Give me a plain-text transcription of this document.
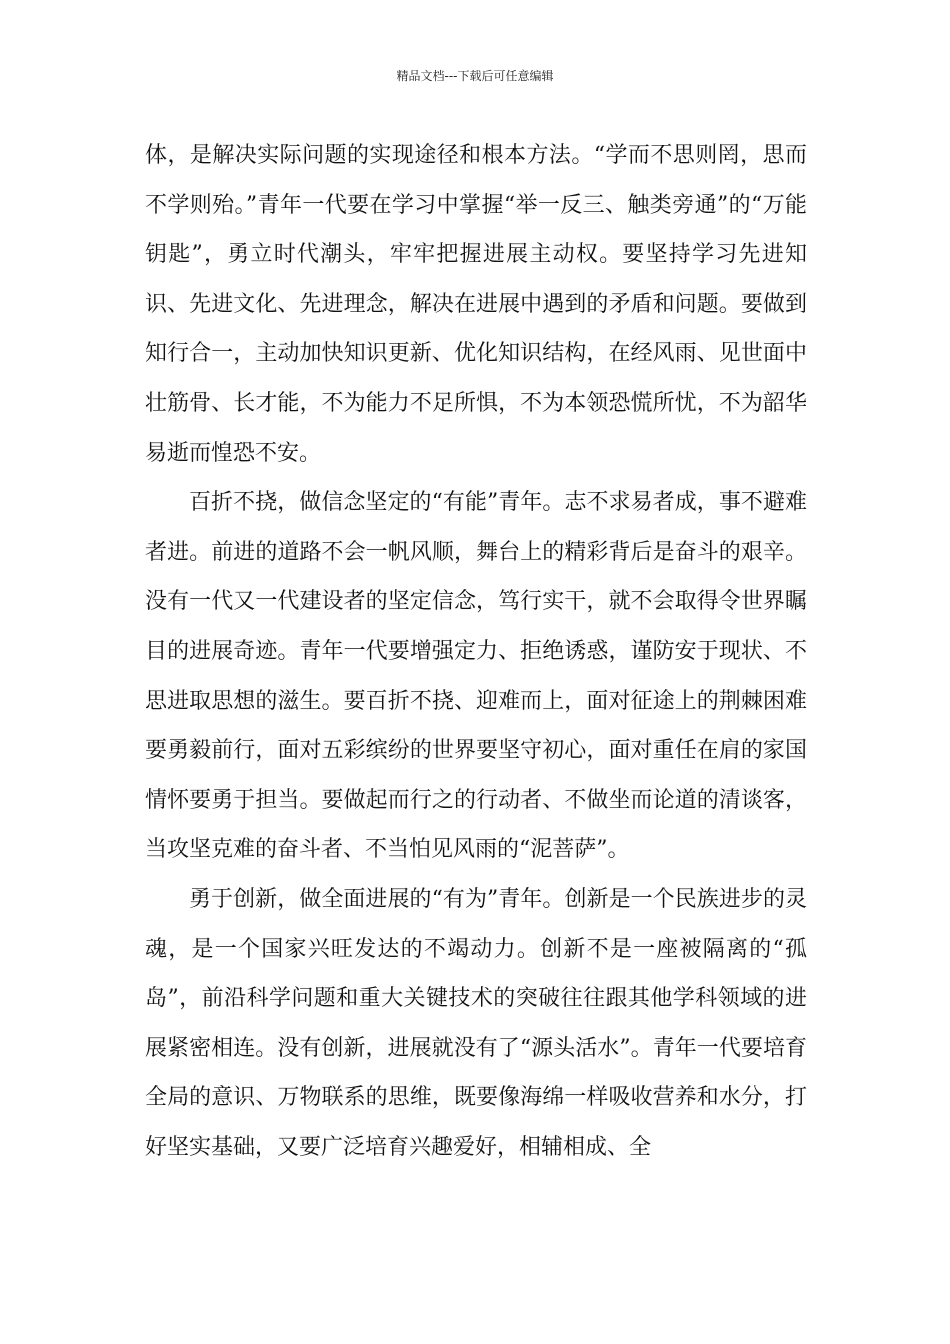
精品文档---下载后可任意编辑

体，是解决实际问题的实现途径和根本方法。“学而不思则罔，思而不学则殆。”青年一代要在学习中掌握“举一反三、触类旁通”的“万能钥匙”，勇立时代潮头，牢牢把握进展主动权。要坚持学习先进知识、先进文化、先进理念，解决在进展中遇到的矛盾和问题。要做到知行合一，主动加快知识更新、优化知识结构，在经风雨、见世面中壮筋骨、长才能，不为能力不足所惧，不为本领恐慌所忧，不为韶华易逝而惶恐不安。

百折不挠，做信念坚定的“有能”青年。志不求易者成，事不避难者进。前进的道路不会一帆风顺，舞台上的精彩背后是奋斗的艰辛。没有一代又一代建设者的坚定信念，笃行实干，就不会取得令世界瞩目的进展奇迹。青年一代要增强定力、拒绝诱惑，谨防安于现状、不思进取思想的滋生。要百折不挠、迎难而上，面对征途上的荆棘困难要勇毅前行，面对五彩缤纷的世界要坚守初心，面对重任在肩的家国情怀要勇于担当。要做起而行之的行动者、不做坐而论道的清谈客，当攻坚克难的奋斗者、不当怕见风雨的“泥菩萨”。

勇于创新，做全面进展的“有为”青年。创新是一个民族进步的灵魂，是一个国家兴旺发达的不竭动力。创新不是一座被隔离的“孤岛”，前沿科学问题和重大关键技术的突破往往跟其他学科领域的进展紧密相连。没有创新，进展就没有了“源头活水”。青年一代要培育全局的意识、万物联系的思维，既要像海绵一样吸收营养和水分，打好坚实基础，又要广泛培育兴趣爱好，相辅相成、全
